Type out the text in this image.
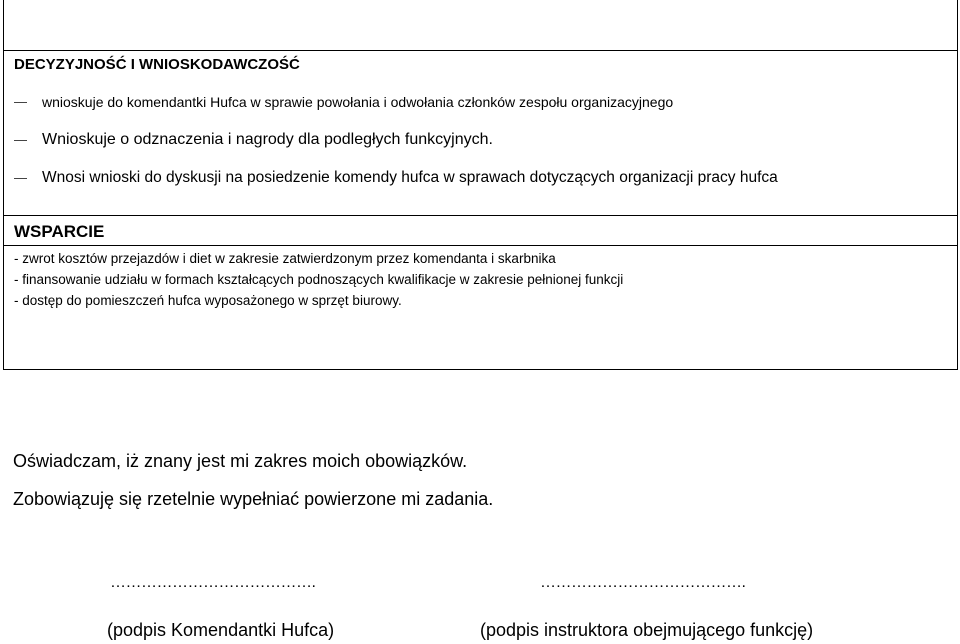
DECYZYJNOŚĆ I WNIOSKODAWCZOŚĆ
wnioskuje do komendantki Hufca w sprawie powołania i odwołania członków zespołu organizacyjnego
Wnioskuje o odznaczenia i nagrody dla podległych funkcyjnych.
Wnosi wnioski do dyskusji na posiedzenie komendy hufca w sprawach dotyczących organizacji pracy hufca
WSPARCIE
- zwrot kosztów przejazdów i diet w zakresie zatwierdzonym przez komendanta i skarbnika
- finansowanie udziału w formach kształcących podnoszących kwalifikacje w zakresie pełnionej funkcji
- dostęp do pomieszczeń hufca wyposażonego w sprzęt biurowy.
Oświadczam, iż znany jest mi zakres moich obowiązków.
Zobowiązuję się rzetelnie wypełniać powierzone mi zadania.
………………………………….	………………………………….
(podpis Komendantki Hufca)	(podpis instruktora obejmującego funkcję)
